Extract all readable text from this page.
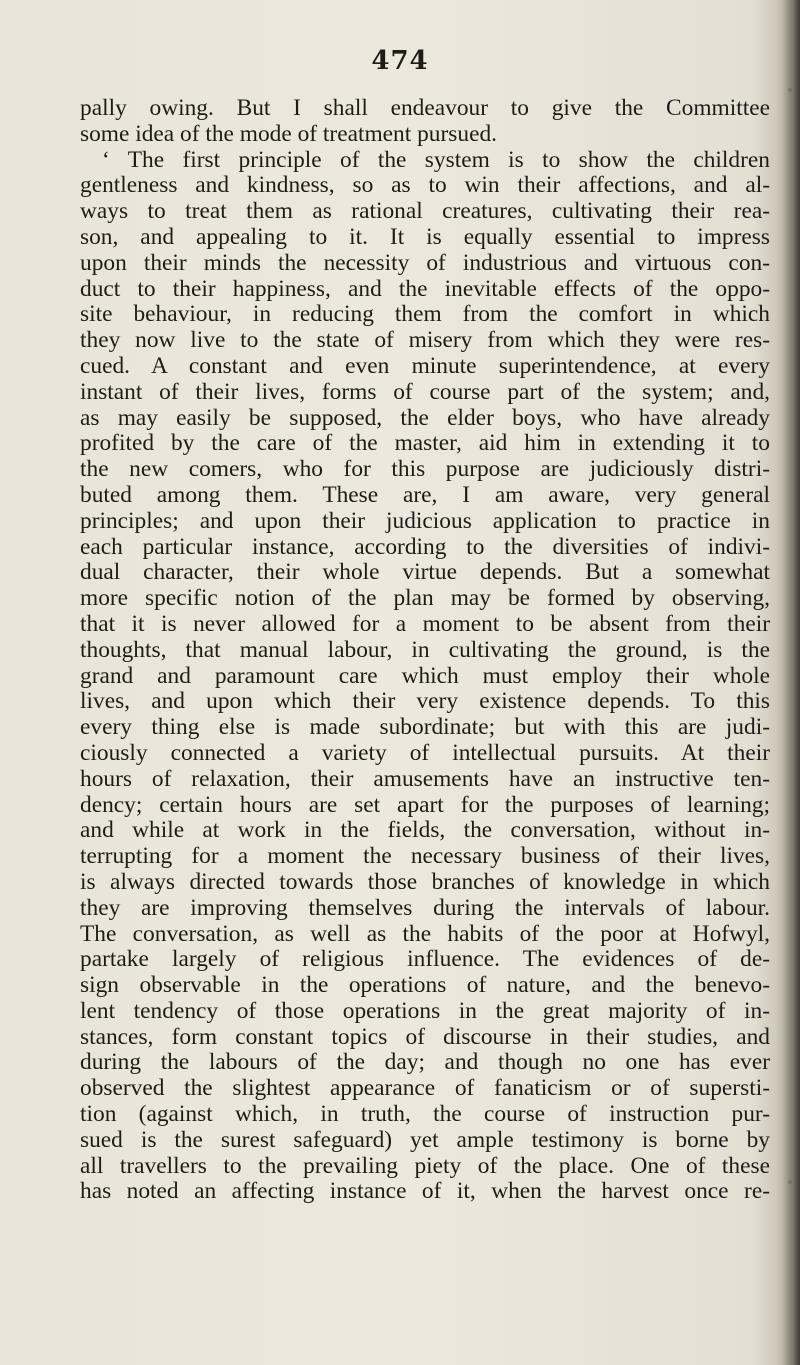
474
pally owing. But I shall endeavour to give the Committee
some idea of the mode of treatment pursued.
‘ The first principle of the system is to show the children
gentleness and kindness, so as to win their affections, and al-
ways to treat them as rational creatures, cultivating their rea-
son, and appealing to it. It is equally essential to impress
upon their minds the necessity of industrious and virtuous con-
duct to their happiness, and the inevitable effects of the oppo-
site behaviour, in reducing them from the comfort in which
they now live to the state of misery from which they were res-
cued. A constant and even minute superintendence, at every
instant of their lives, forms of course part of the system; and,
as may easily be supposed, the elder boys, who have already
profited by the care of the master, aid him in extending it to
the new comers, who for this purpose are judiciously distri-
buted among them. These are, I am aware, very general
principles; and upon their judicious application to practice in
each particular instance, according to the diversities of indivi-
dual character, their whole virtue depends. But a somewhat
more specific notion of the plan may be formed by observing,
that it is never allowed for a moment to be absent from their
thoughts, that manual labour, in cultivating the ground, is the
grand and paramount care which must employ their whole
lives, and upon which their very existence depends. To this
every thing else is made subordinate; but with this are judi-
ciously connected a variety of intellectual pursuits. At their
hours of relaxation, their amusements have an instructive ten-
dency; certain hours are set apart for the purposes of learning;
and while at work in the fields, the conversation, without in-
terrupting for a moment the necessary business of their lives,
is always directed towards those branches of knowledge in which
they are improving themselves during the intervals of labour.
The conversation, as well as the habits of the poor at Hofwyl,
partake largely of religious influence. The evidences of de-
sign observable in the operations of nature, and the benevo-
lent tendency of those operations in the great majority of in-
stances, form constant topics of discourse in their studies, and
during the labours of the day; and though no one has ever
observed the slightest appearance of fanaticism or of supersti-
tion (against which, in truth, the course of instruction pur-
sued is the surest safeguard) yet ample testimony is borne by
all travellers to the prevailing piety of the place. One of these
has noted an affecting instance of it, when the harvest once re-
